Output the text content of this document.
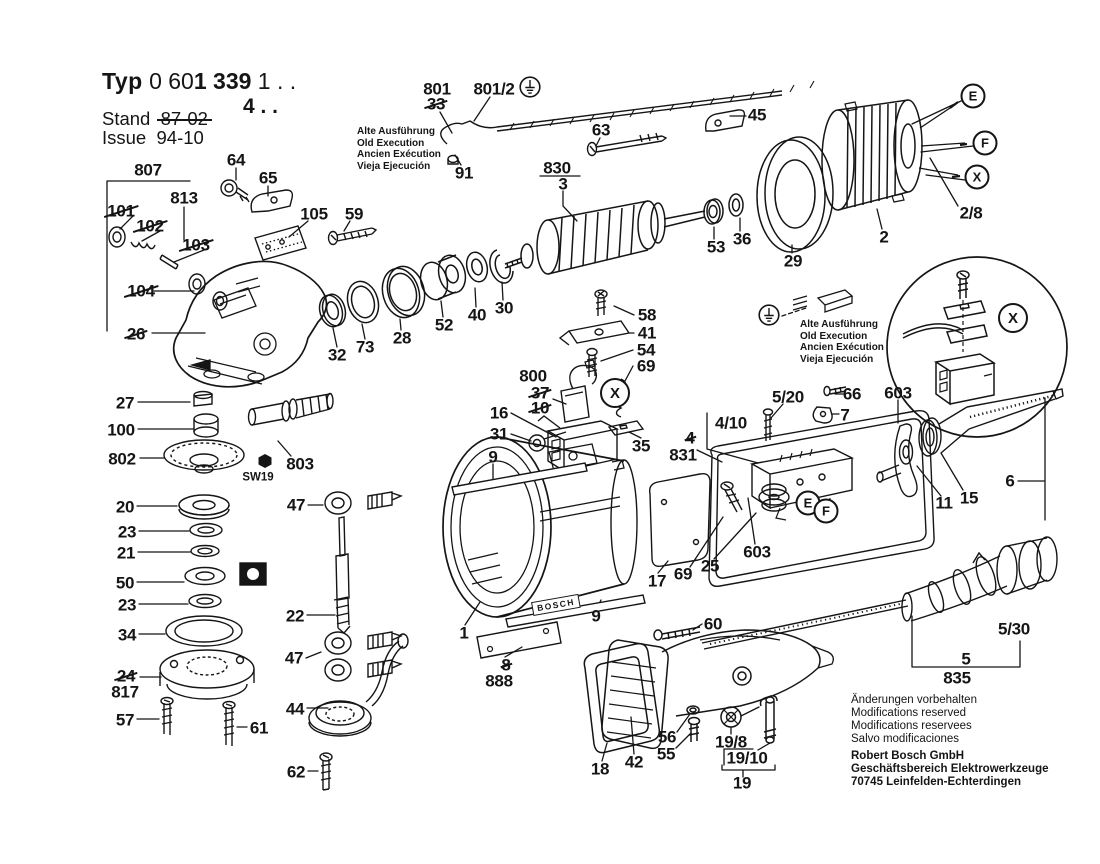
Typ 0 601 339 1 . .
4 . .
Stand 87-02
Issue 94-10	Alte Ausführung
Old Execution
Ancien Exécution
Vieja Ejecución
Alte Ausführung
Old Execution
Ancien Exécution
Vieja Ejecución
Änderungen vorbehalten
Modifications reserved
Modifications reservees
Salvo modificaciones
Robert Bosch GmbH
Geschäftsbereich Elektrowerkzeuge
70745 Leinfelden-Echterdingen
BOSCH
807
813
101
102
103
104
26
64
65
105 59
801
33
801/2
91
63
830
3
45
2/8
2
29
36
53
32 73 28
52
40 30
27
100
802	803
SW19
20
23
21
50
23
34
24
817
57	61
47
22
47
44
62
58
41
54
69
800
37
10
16
31
9
35
4/10
4
831
5/20 66
7
603
603
6
11 15
1
9
17 69 25
8
888
60
18 42
56
55
19/8
19/10
19
5/30
5
835
E
F
X
X
X
E
F
